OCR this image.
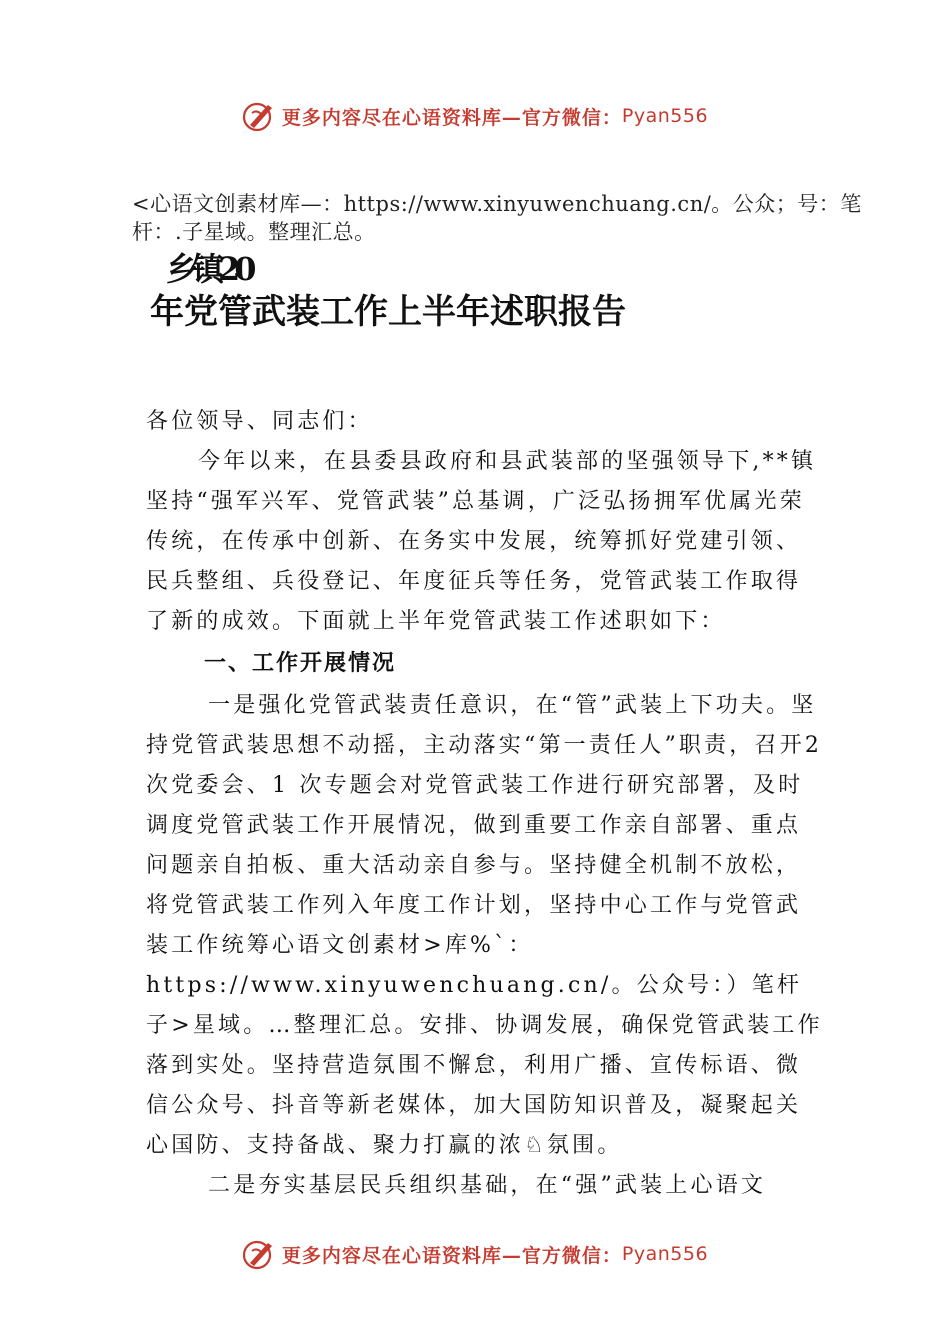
更多内容尽在心语资料库—官方微信： Pyan556
<心语文创素材库—：https://www.xinyuwenchuang.cn/。公众；号：笔杆：.子星域。整理汇总。
乡镇20
年党管武装工作上半年述职报告

各位领导、同志们：

今年以来，在县委县政府和县武装部的坚强领导下,**镇坚持“强军兴军、党管武装”总基调，广泛弘扬拥军优属光荣传统，在传承中创新、在务实中发展，统筹抓好党建引领、民兵整组、兵役登记、年度征兵等任务，党管武装工作取得了新的成效。下面就上半年党管武装工作述职如下：

一、工作开展情况

一是强化党管武装责任意识，在“管”武装上下功夫。坚持党管武装思想不动摇，主动落实“第一责任人”职责，召开2 次党委会、1 次专题会对党管武装工作进行研究部署，及时调度党管武装工作开展情况，做到重要工作亲自部署、重点问题亲自拍板、重大活动亲自参与。坚持健全机制不放松，将党管武装工作列入年度工作计划，坚持中心工作与党管武装工作统筹心语文创素材>库%`：https://www.xinyuwenchuang.cn/。公众号：）笔杆子>星域。…整理汇总。安排、协调发展，确保党管武装工作落到实处。坚持营造氛围不懈怠，利用广播、宣传标语、微信公众号、抖音等新老媒体，加大国防知识普及，凝聚起关心国防、支持备战、聚力打赢的浓♘氛围。

二是夯实基层民兵组织基础，在“强”武装上心语文

更多内容尽在心语资料库—官方微信： Pyan556
